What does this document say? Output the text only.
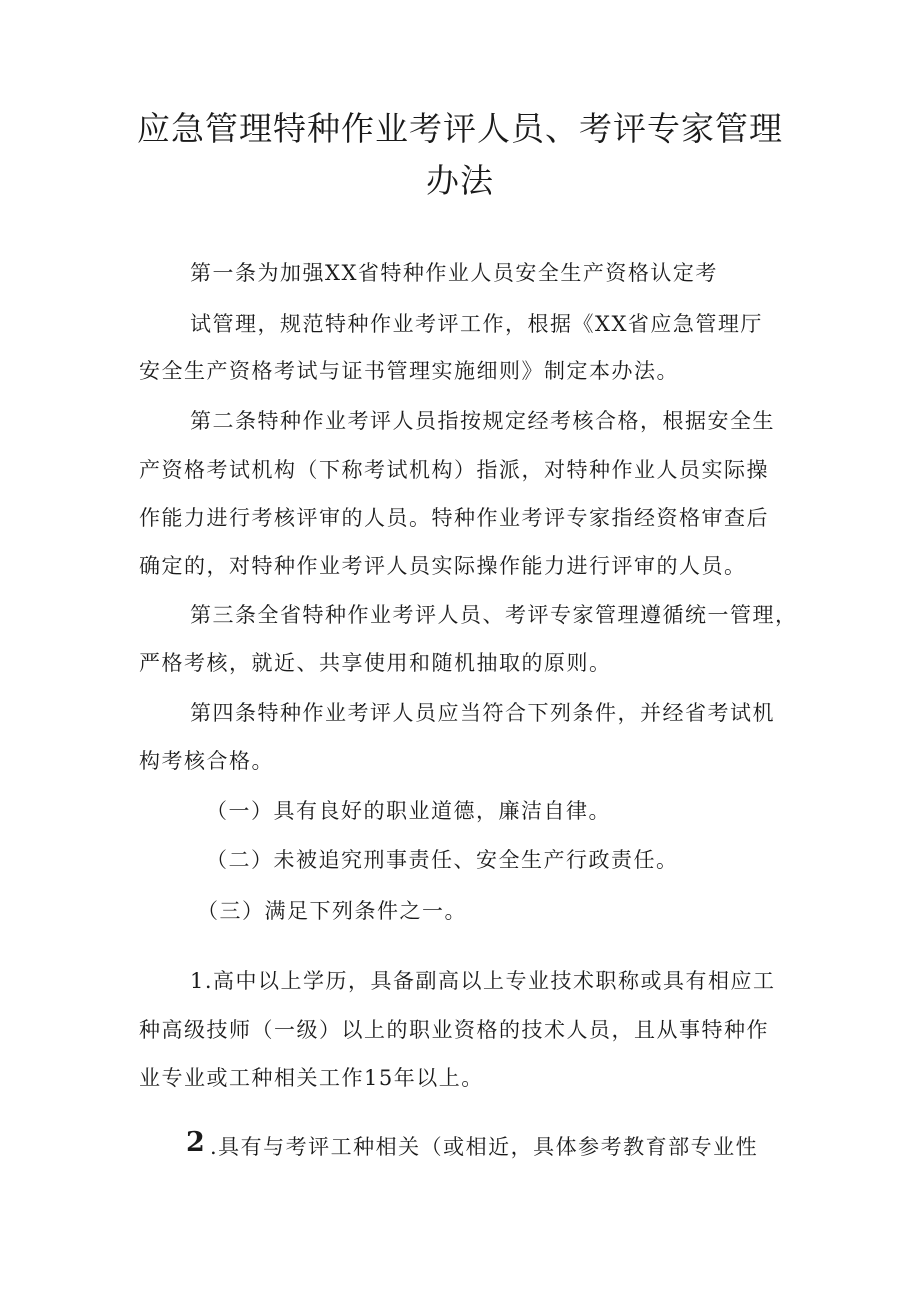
应急管理特种作业考评人员、考评专家管理
办法
第一条为加强XX省特种作业人员安全生产资格认定考
试管理，规范特种作业考评工作，根据《XX省应急管理厅
安全生产资格考试与证书管理实施细则》制定本办法。
第二条特种作业考评人员指按规定经考核合格，根据安全生
产资格考试机构（下称考试机构）指派，对特种作业人员实际操
作能力进行考核评审的人员。特种作业考评专家指经资格审查后
确定的，对特种作业考评人员实际操作能力进行评审的人员。
第三条全省特种作业考评人员、考评专家管理遵循统一管理，
严格考核，就近、共享使用和随机抽取的原则。
第四条特种作业考评人员应当符合下列条件，并经省考试机
构考核合格。
（一）具有良好的职业道德，廉洁自律。
（二）未被追究刑事责任、安全生产行政责任。
（三）满足下列条件之一。
1.高中以上学历，具备副高以上专业技术职称或具有相应工
种高级技师（一级）以上的职业资格的技术人员，且从事特种作
业专业或工种相关工作15年以上。
2 .具有与考评工种相关（或相近，具体参考教育部专业性
